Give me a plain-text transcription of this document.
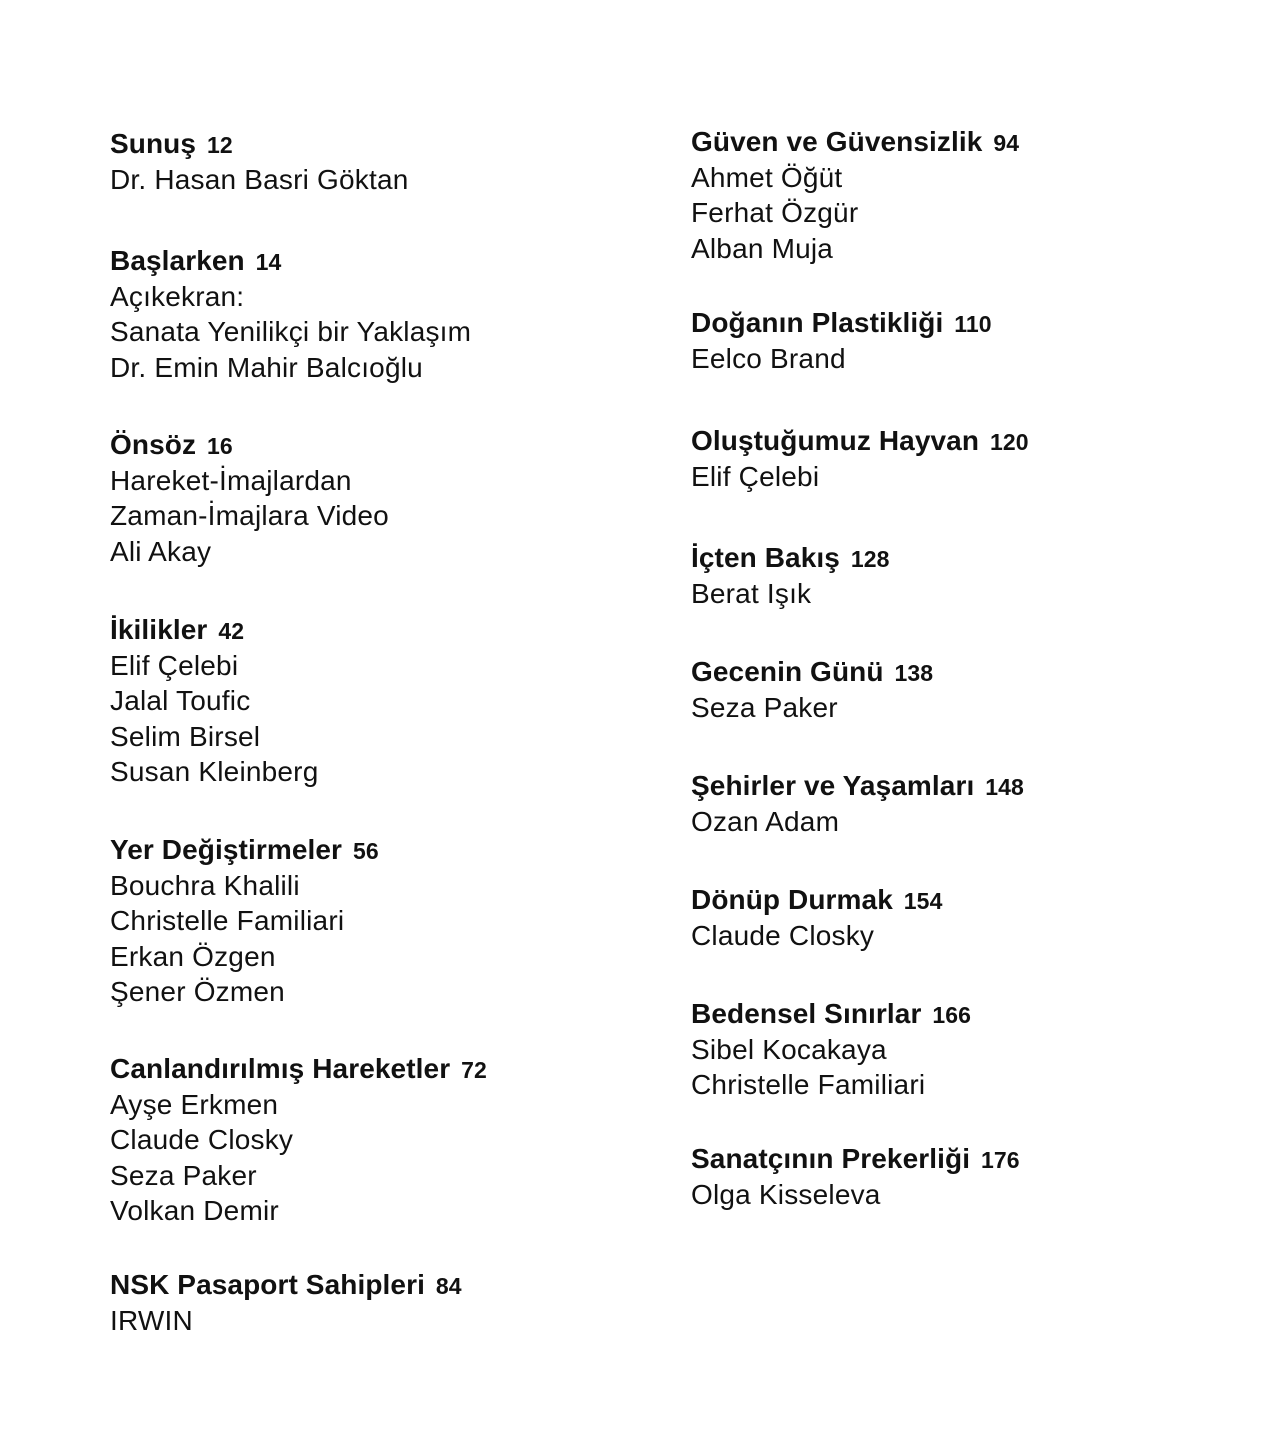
Sunuş 12
Dr. Hasan Basri Göktan
Başlarken 14
Açıkekran:
Sanata Yenilikçi bir Yaklaşım
Dr. Emin Mahir Balcıoğlu
Önsöz 16
Hareket-İmajlardan
Zaman-İmajlara Video
Ali Akay
İkilikler 42
Elif Çelebi
Jalal Toufic
Selim Birsel
Susan Kleinberg
Yer Değiştirmeler 56
Bouchra Khalili
Christelle Familiari
Erkan Özgen
Şener Özmen
Canlandırılmış Hareketler 72
Ayşe Erkmen
Claude Closky
Seza Paker
Volkan Demir
NSK Pasaport Sahipleri 84
IRWIN
Güven ve Güvensizlik 94
Ahmet Öğüt
Ferhat Özgür
Alban Muja
Doğanın Plastikliği 110
Eelco Brand
Oluştuğumuz Hayvan 120
Elif Çelebi
İçten Bakış 128
Berat Işık
Gecenin Günü 138
Seza Paker
Şehirler ve Yaşamları 148
Ozan Adam
Dönüp Durmak 154
Claude Closky
Bedensel Sınırlar 166
Sibel Kocakaya
Christelle Familiari
Sanatçının Prekerliği 176
Olga Kisseleva
